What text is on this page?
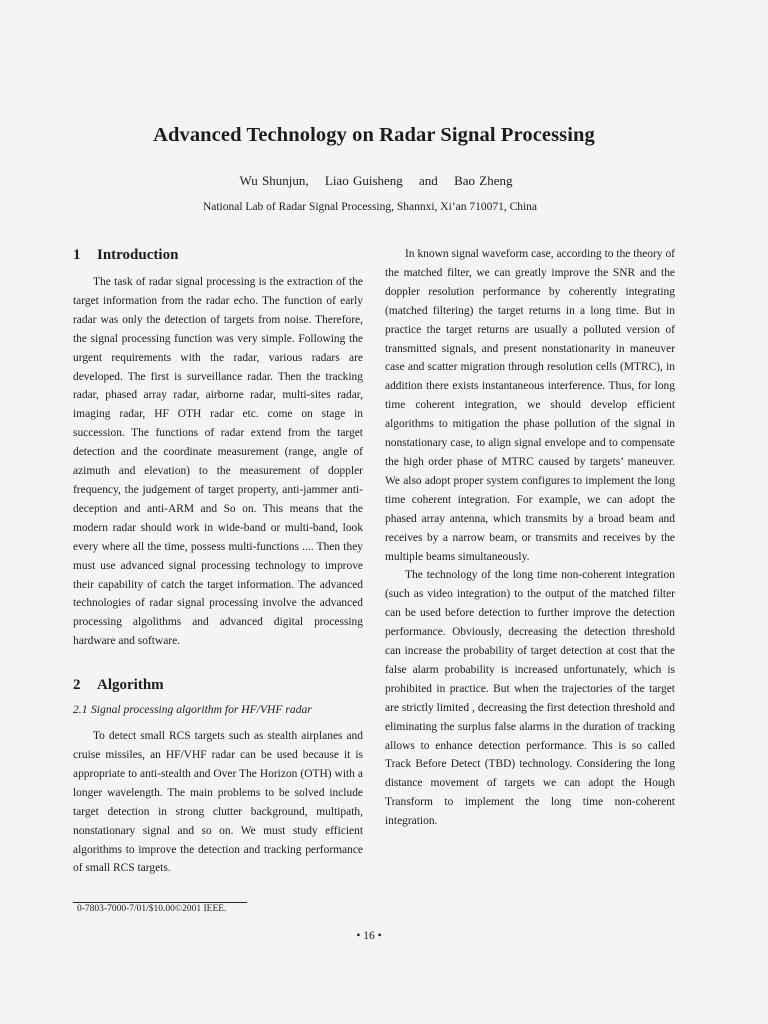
Advanced Technology on Radar Signal Processing
Wu Shunjun, Liao Guisheng and Bao Zheng
National Lab of Radar Signal Processing, Shannxi, Xi’an 710071, China
1 Introduction

The task of radar signal processing is the extraction of the target information from the radar echo. The function of early radar was only the detection of targets from noise. Therefore, the signal processing function was very simple. Following the urgent requirements with the radar, various radars are developed. The first is surveillance radar. Then the tracking radar, phased array radar, airborne radar, multi-sites radar, imaging radar, HF OTH radar etc. come on stage in succession. The functions of radar extend from the target detection and the coordinate measurement (range, angle of azimuth and elevation) to the measurement of doppler frequency, the judgement of target property, anti-jammer anti-deception and anti-ARM and So on. This means that the modern radar should work in wide-band or multi-band, look every where all the time, possess multi-functions .... Then they must use advanced signal processing technology to improve their capability of catch the target information. The advanced technologies of radar signal processing involve the advanced processing algolithms and advanced digital processing hardware and software.

2 Algorithm
2.1 Signal processing algorithm for HF/VHF radar

To detect small RCS targets such as stealth airplanes and cruise missiles, an HF/VHF radar can be used because it is appropriate to anti-stealth and Over The Horizon (OTH) with a longer wavelength. The main problems to be solved include target detection in strong clutter background, multipath, nonstationary signal and so on. We must study efficient algorithms to improve the detection and tracking performance of small RCS targets.

In known signal waveform case, according to the theory of the matched filter, we can greatly improve the SNR and the doppler resolution performance by coherently integrating (matched filtering) the target returns in a long time. But in practice the target returns are usually a polluted version of transmitted signals, and present nonstationarity in maneuver case and scatter migration through resolution cells (MTRC), in addition there exists instantaneous interference. Thus, for long time coherent integration, we should develop efficient algorithms to mitigation the phase pollution of the signal in nonstationary case, to align signal envelope and to compensate the high order phase of MTRC caused by targets’ maneuver. We also adopt proper system configures to implement the long time coherent integration. For example, we can adopt the phased array antenna, which transmits by a broad beam and receives by a narrow beam, or transmits and receives by the multiple beams simultaneously.

The technology of the long time non-coherent integration (such as video integration) to the output of the matched filter can be used before detection to further improve the detection performance. Obviously, decreasing the detection threshold can increase the probability of target detection at cost that the false alarm probability is increased unfortunately, which is prohibited in practice. But when the trajectories of the target are strictly limited , decreasing the first detection threshold and eliminating the surplus false alarms in the duration of tracking allows to enhance detection performance. This is so called Track Before Detect (TBD) technology. Considering the long distance movement of targets we can adopt the Hough Transform to implement the long time non-coherent integration.

0-7803-7000-7/01/$10.00©2001 IEEE.
• 16 •
